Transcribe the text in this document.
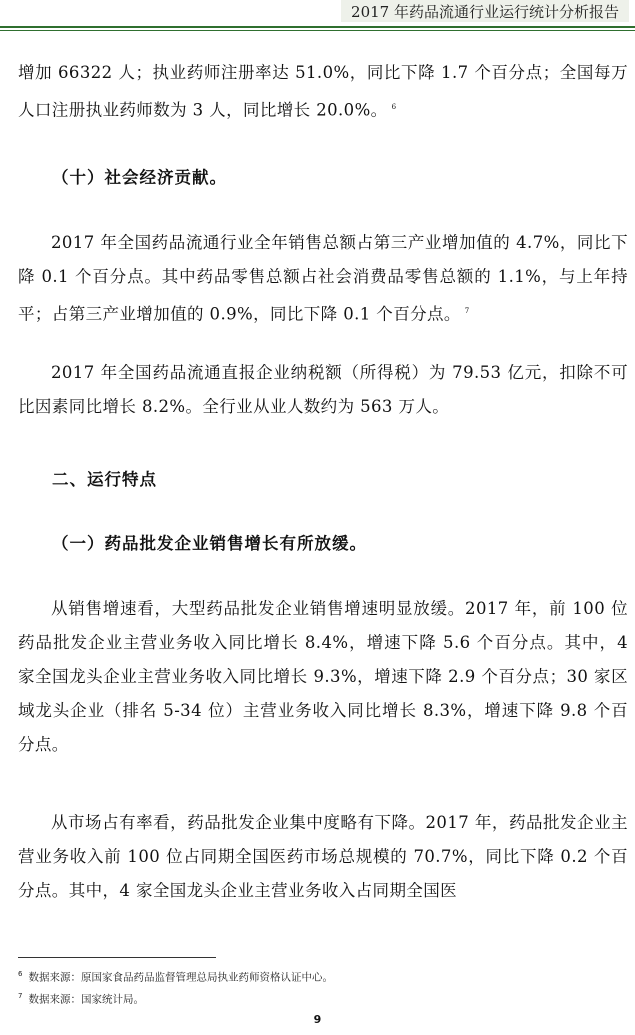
2017 年药品流通行业运行统计分析报告

增加 66322 人；执业药师注册率达 51.0%，同比下降 1.7 个百分点；全国每万人口注册执业药师数为 3 人，同比增长 20.0%。 $^6$

（十）社会经济贡献。

2017 年全国药品流通行业全年销售总额占第三产业增加值的 4.7%，同比下降 0.1 个百分点。其中药品零售总额占社会消费品零售总额的 1.1%，与上年持平；占第三产业增加值的 0.9%，同比下降 0.1 个百分点。 $^7$

2017 年全国药品流通直报企业纳税额（所得税）为 79.53 亿元，扣除不可比因素同比增长 8.2%。全行业从业人数约为 563 万人。

二、运行特点
（一）药品批发企业销售增长有所放缓。

从销售增速看，大型药品批发企业销售增速明显放缓。2017 年，前 100 位药品批发企业主营业务收入同比增长 8.4%，增速下降 5.6 个百分点。其中，4 家全国龙头企业主营业务收入同比增长 9.3%，增速下降 2.9 个百分点；30 家区域龙头企业（排名 5-34 位）主营业务收入同比增长 8.3%，增速下降 9.8 个百分点。

从市场占有率看，药品批发企业集中度略有下降。2017 年，药品批发企业主营业务收入前 100 位占同期全国医药市场总规模的 70.7%，同比下降 0.2 个百分点。其中，4 家全国龙头企业主营业务收入占同期全国医

$^6$ 数据来源：原国家食品药品监督管理总局执业药师资格认证中心。
$^7$ 数据来源：国家统计局。
9
